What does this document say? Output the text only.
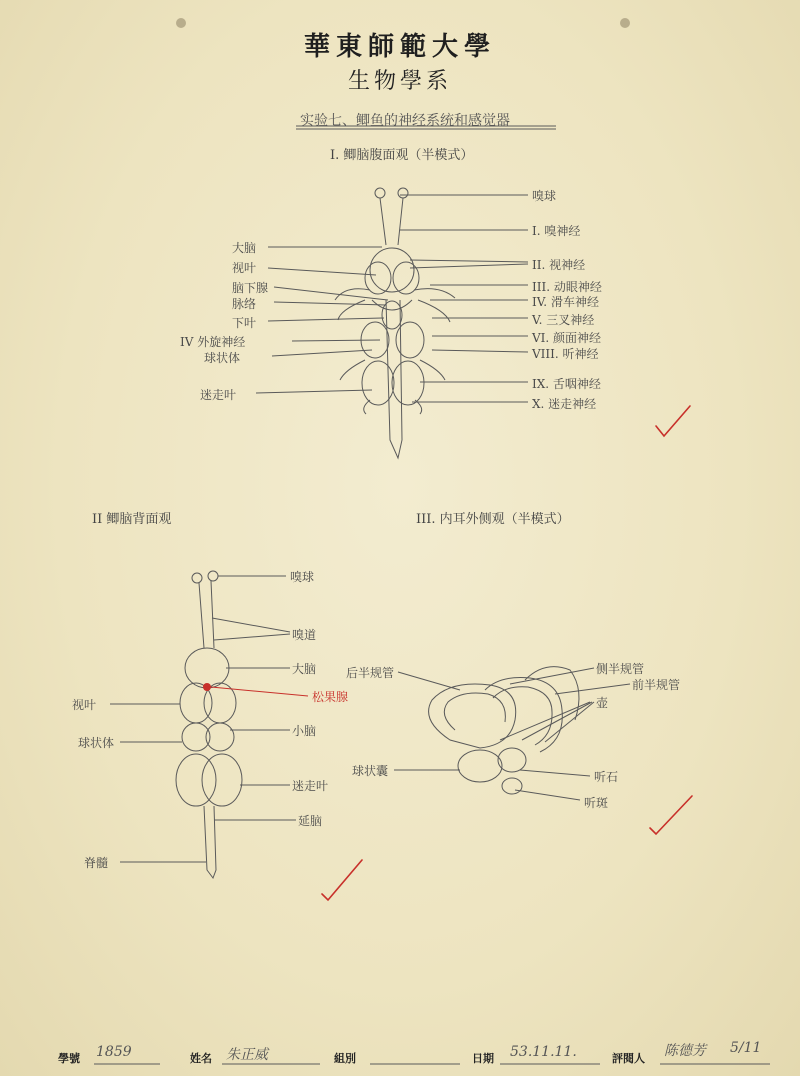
華東師範大學
生物學系
实验七、鲫鱼的神经系统和感觉器
I. 鲫脑腹面观（半模式）
II 鲫脑背面观	III. 内耳外侧观（半模式）
大脑
视叶
脑下腺
脉络
下叶
IV 外旋神经
球状体
迷走叶
嗅球
I. 嗅神经
II. 视神经
III. 动眼神经
IV. 滑车神经
V. 三叉神经
VI. 颜面神经
VIII. 听神经
IX. 舌咽神经
X. 迷走神经
嗅球
嗅道
大脑
松果腺
小脑
迷走叶
延脑
视叶
球状体
脊髓
后半规管	侧半规管
前半规管
壶
球状囊	听石
听斑
學號 1859	姓名 朱正威	組別	日期 53.11.11.	評閱人 陈德芳 5/11
